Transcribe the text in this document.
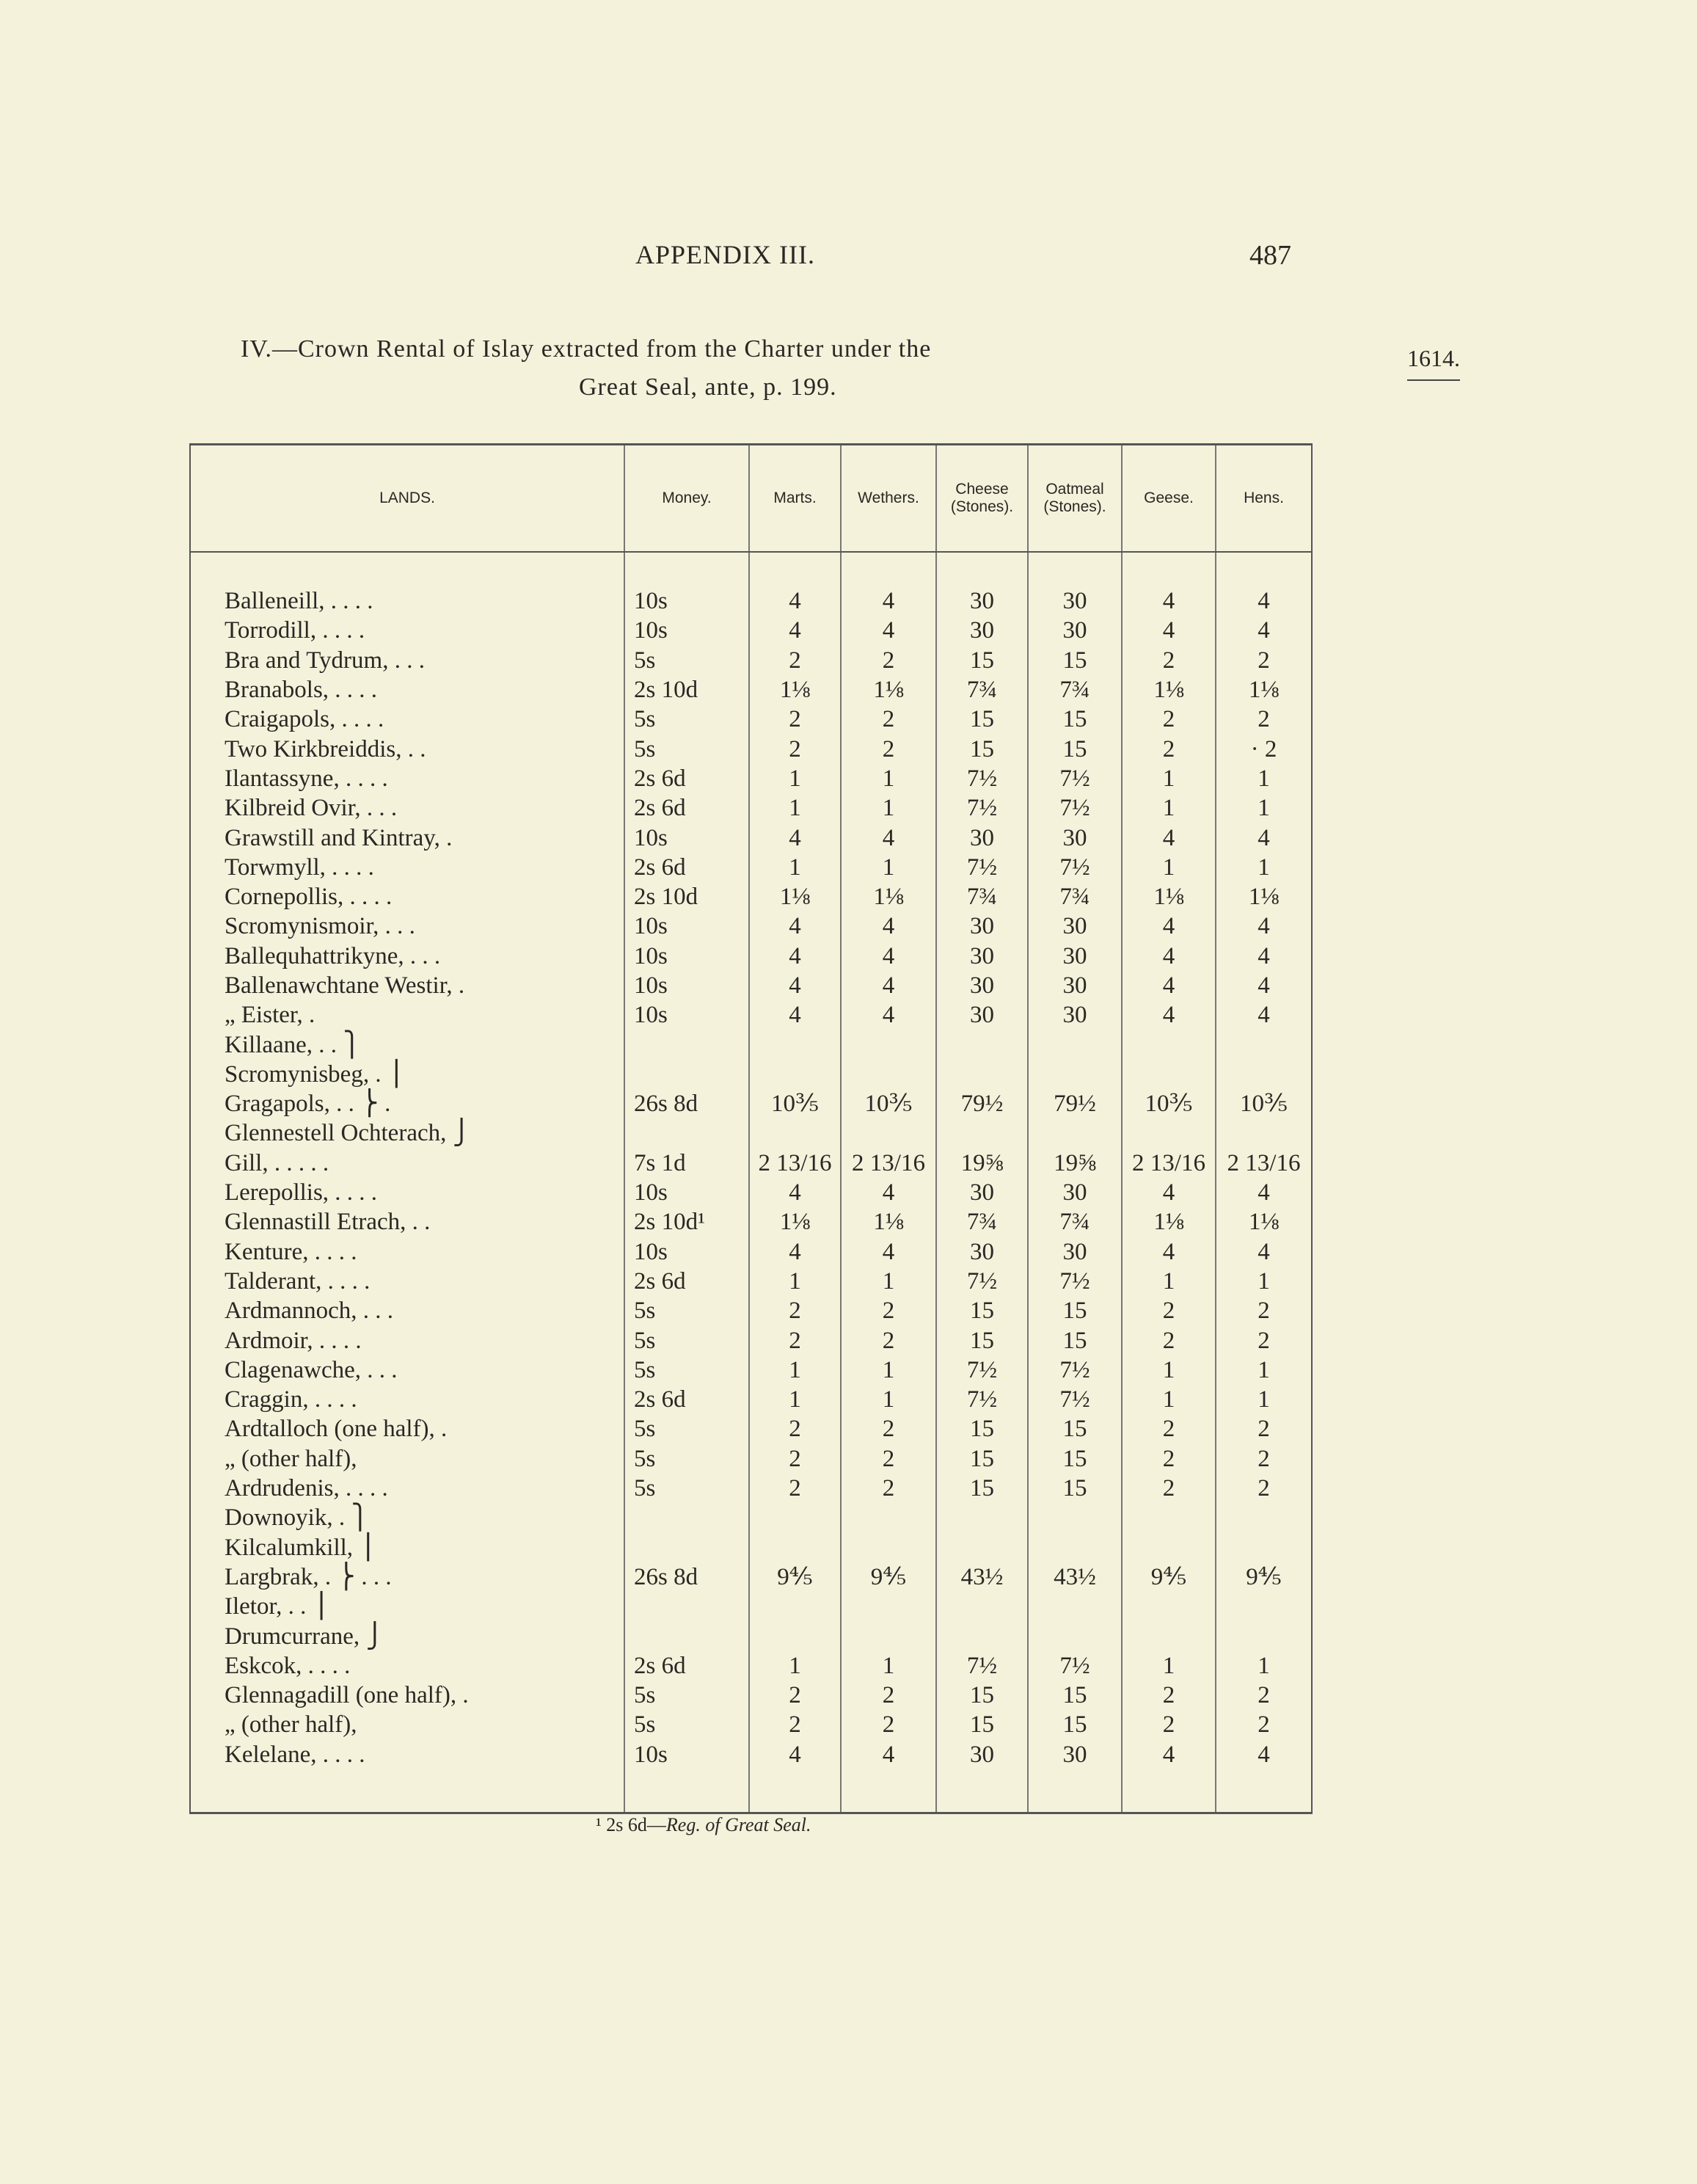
APPENDIX III.	487
IV.—Crown Rental of Islay extracted from the Charter under the
Great Seal, ante, p. 199.
1614.
LANDS.	Money.	Marts.	Wethers.	Cheese (Stones).	Oatmeal (Stones).	Geese.	Hens.

Balleneill, . . . .	10s	4	4	30	30	4	4
Torrodill, . . . .	10s	4	4	30	30	4	4
Bra and Tydrum, . . .	5s	2	2	15	15	2	2
Branabols, . . . .	2s 10d	1⅛	1⅛	7¾	7¾	1⅛	1⅛
Craigapols, . . . .	5s	2	2	15	15	2	2
Two Kirkbreiddis, . .	5s	2	2	15	15	2	· 2
Ilantassyne, . . . .	2s 6d	1	1	7½	7½	1	1
Kilbreid Ovir, . . .	2s 6d	1	1	7½	7½	1	1
Grawstill and Kintray, .	10s	4	4	30	30	4	4
Torwmyll, . . . .	2s 6d	1	1	7½	7½	1	1
Cornepollis, . . . .	2s 10d	1⅛	1⅛	7¾	7¾	1⅛	1⅛
Scromynismoir, . . .	10s	4	4	30	30	4	4
Ballequhattrikyne, . . .	10s	4	4	30	30	4	4
Ballenawchtane Westir, .	10s	4	4	30	30	4	4
„ Eister, .	10s	4	4	30	30	4	4
Killaane, . . ⎫							
Scromynisbeg, . ⎪							
Gragapols, . . ⎬ .	26s 8d	10⅗	10⅗	79½	79½	10⅗	10⅗
Glennestell Ochterach, ⎭							
Gill, . . . . .	7s 1d	2 13/16	2 13/16	19⅝	19⅝	2 13/16	2 13/16
Lerepollis, . . . .	10s	4	4	30	30	4	4
Glennastill Etrach, . .	2s 10d¹	1⅛	1⅛	7¾	7¾	1⅛	1⅛
Kenture, . . . .	10s	4	4	30	30	4	4
Talderant, . . . .	2s 6d	1	1	7½	7½	1	1
Ardmannoch, . . .	5s	2	2	15	15	2	2
Ardmoir, . . . .	5s	2	2	15	15	2	2
Clagenawche, . . .	5s	1	1	7½	7½	1	1
Craggin, . . . .	2s 6d	1	1	7½	7½	1	1
Ardtalloch (one half), .	5s	2	2	15	15	2	2
„ (other half),	5s	2	2	15	15	2	2
Ardrudenis, . . . .	5s	2	2	15	15	2	2
Downoyik, . ⎫							
Kilcalumkill, ⎪							
Largbrak, . ⎬ . . .	26s 8d	9⅘	9⅘	43½	43½	9⅘	9⅘
Iletor, . . ⎪							
Drumcurrane, ⎭							
Eskcok, . . . .	2s 6d	1	1	7½	7½	1	1
Glennagadill (one half), .	5s	2	2	15	15	2	2
„ (other half),	5s	2	2	15	15	2	2
Kelelane, . . . .	10s	4	4	30	30	4	4

¹ 2s 6d—Reg. of Great Seal.
